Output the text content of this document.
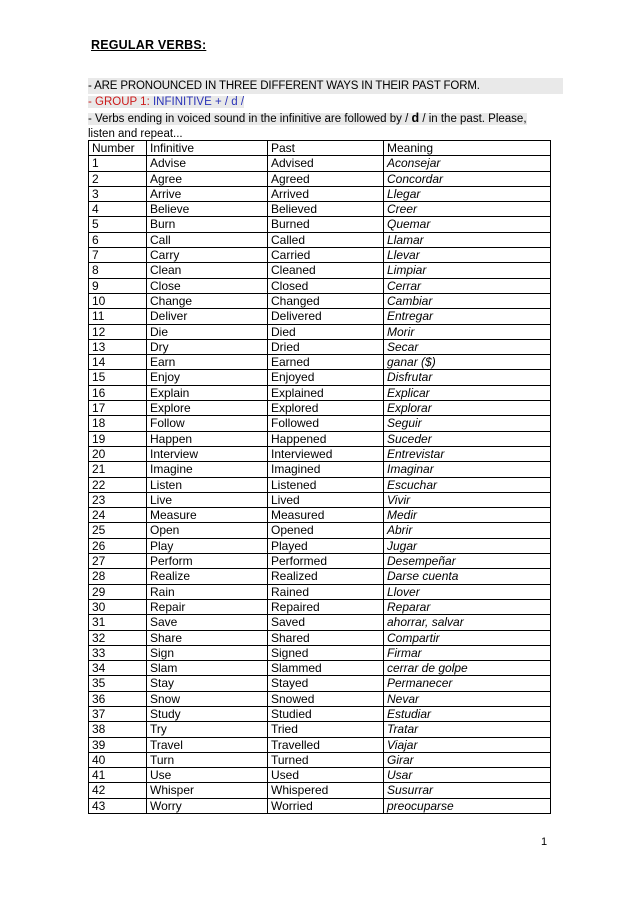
REGULAR VERBS:
- ARE PRONOUNCED IN THREE DIFFERENT WAYS IN THEIR PAST FORM.
- GROUP 1: INFINITIVE + / d /
- Verbs ending in voiced sound in the infinitive are followed by / d / in the past. Please,
listen and repeat...
Number	Infinitive	Past	Meaning
1	Advise	Advised	Aconsejar
2	Agree	Agreed	Concordar
3	Arrive	Arrived	Llegar
4	Believe	Believed	Creer
5	Burn	Burned	Quemar
6	Call	Called	Llamar
7	Carry	Carried	Llevar
8	Clean	Cleaned	Limpiar
9	Close	Closed	Cerrar
10	Change	Changed	Cambiar
11	Deliver	Delivered	Entregar
12	Die	Died	Morir
13	Dry	Dried	Secar
14	Earn	Earned	ganar ($)
15	Enjoy	Enjoyed	Disfrutar
16	Explain	Explained	Explicar
17	Explore	Explored	Explorar
18	Follow	Followed	Seguir
19	Happen	Happened	Suceder
20	Interview	Interviewed	Entrevistar
21	Imagine	Imagined	Imaginar
22	Listen	Listened	Escuchar
23	Live	Lived	Vivir
24	Measure	Measured	Medir
25	Open	Opened	Abrir
26	Play	Played	Jugar
27	Perform	Performed	Desempeñar
28	Realize	Realized	Darse cuenta
29	Rain	Rained	Llover
30	Repair	Repaired	Reparar
31	Save	Saved	ahorrar, salvar
32	Share	Shared	Compartir
33	Sign	Signed	Firmar
34	Slam	Slammed	cerrar de golpe
35	Stay	Stayed	Permanecer
36	Snow	Snowed	Nevar
37	Study	Studied	Estudiar
38	Try	Tried	Tratar
39	Travel	Travelled	Viajar
40	Turn	Turned	Girar
41	Use	Used	Usar
42	Whisper	Whispered	Susurrar
43	Worry	Worried	preocuparse
1
